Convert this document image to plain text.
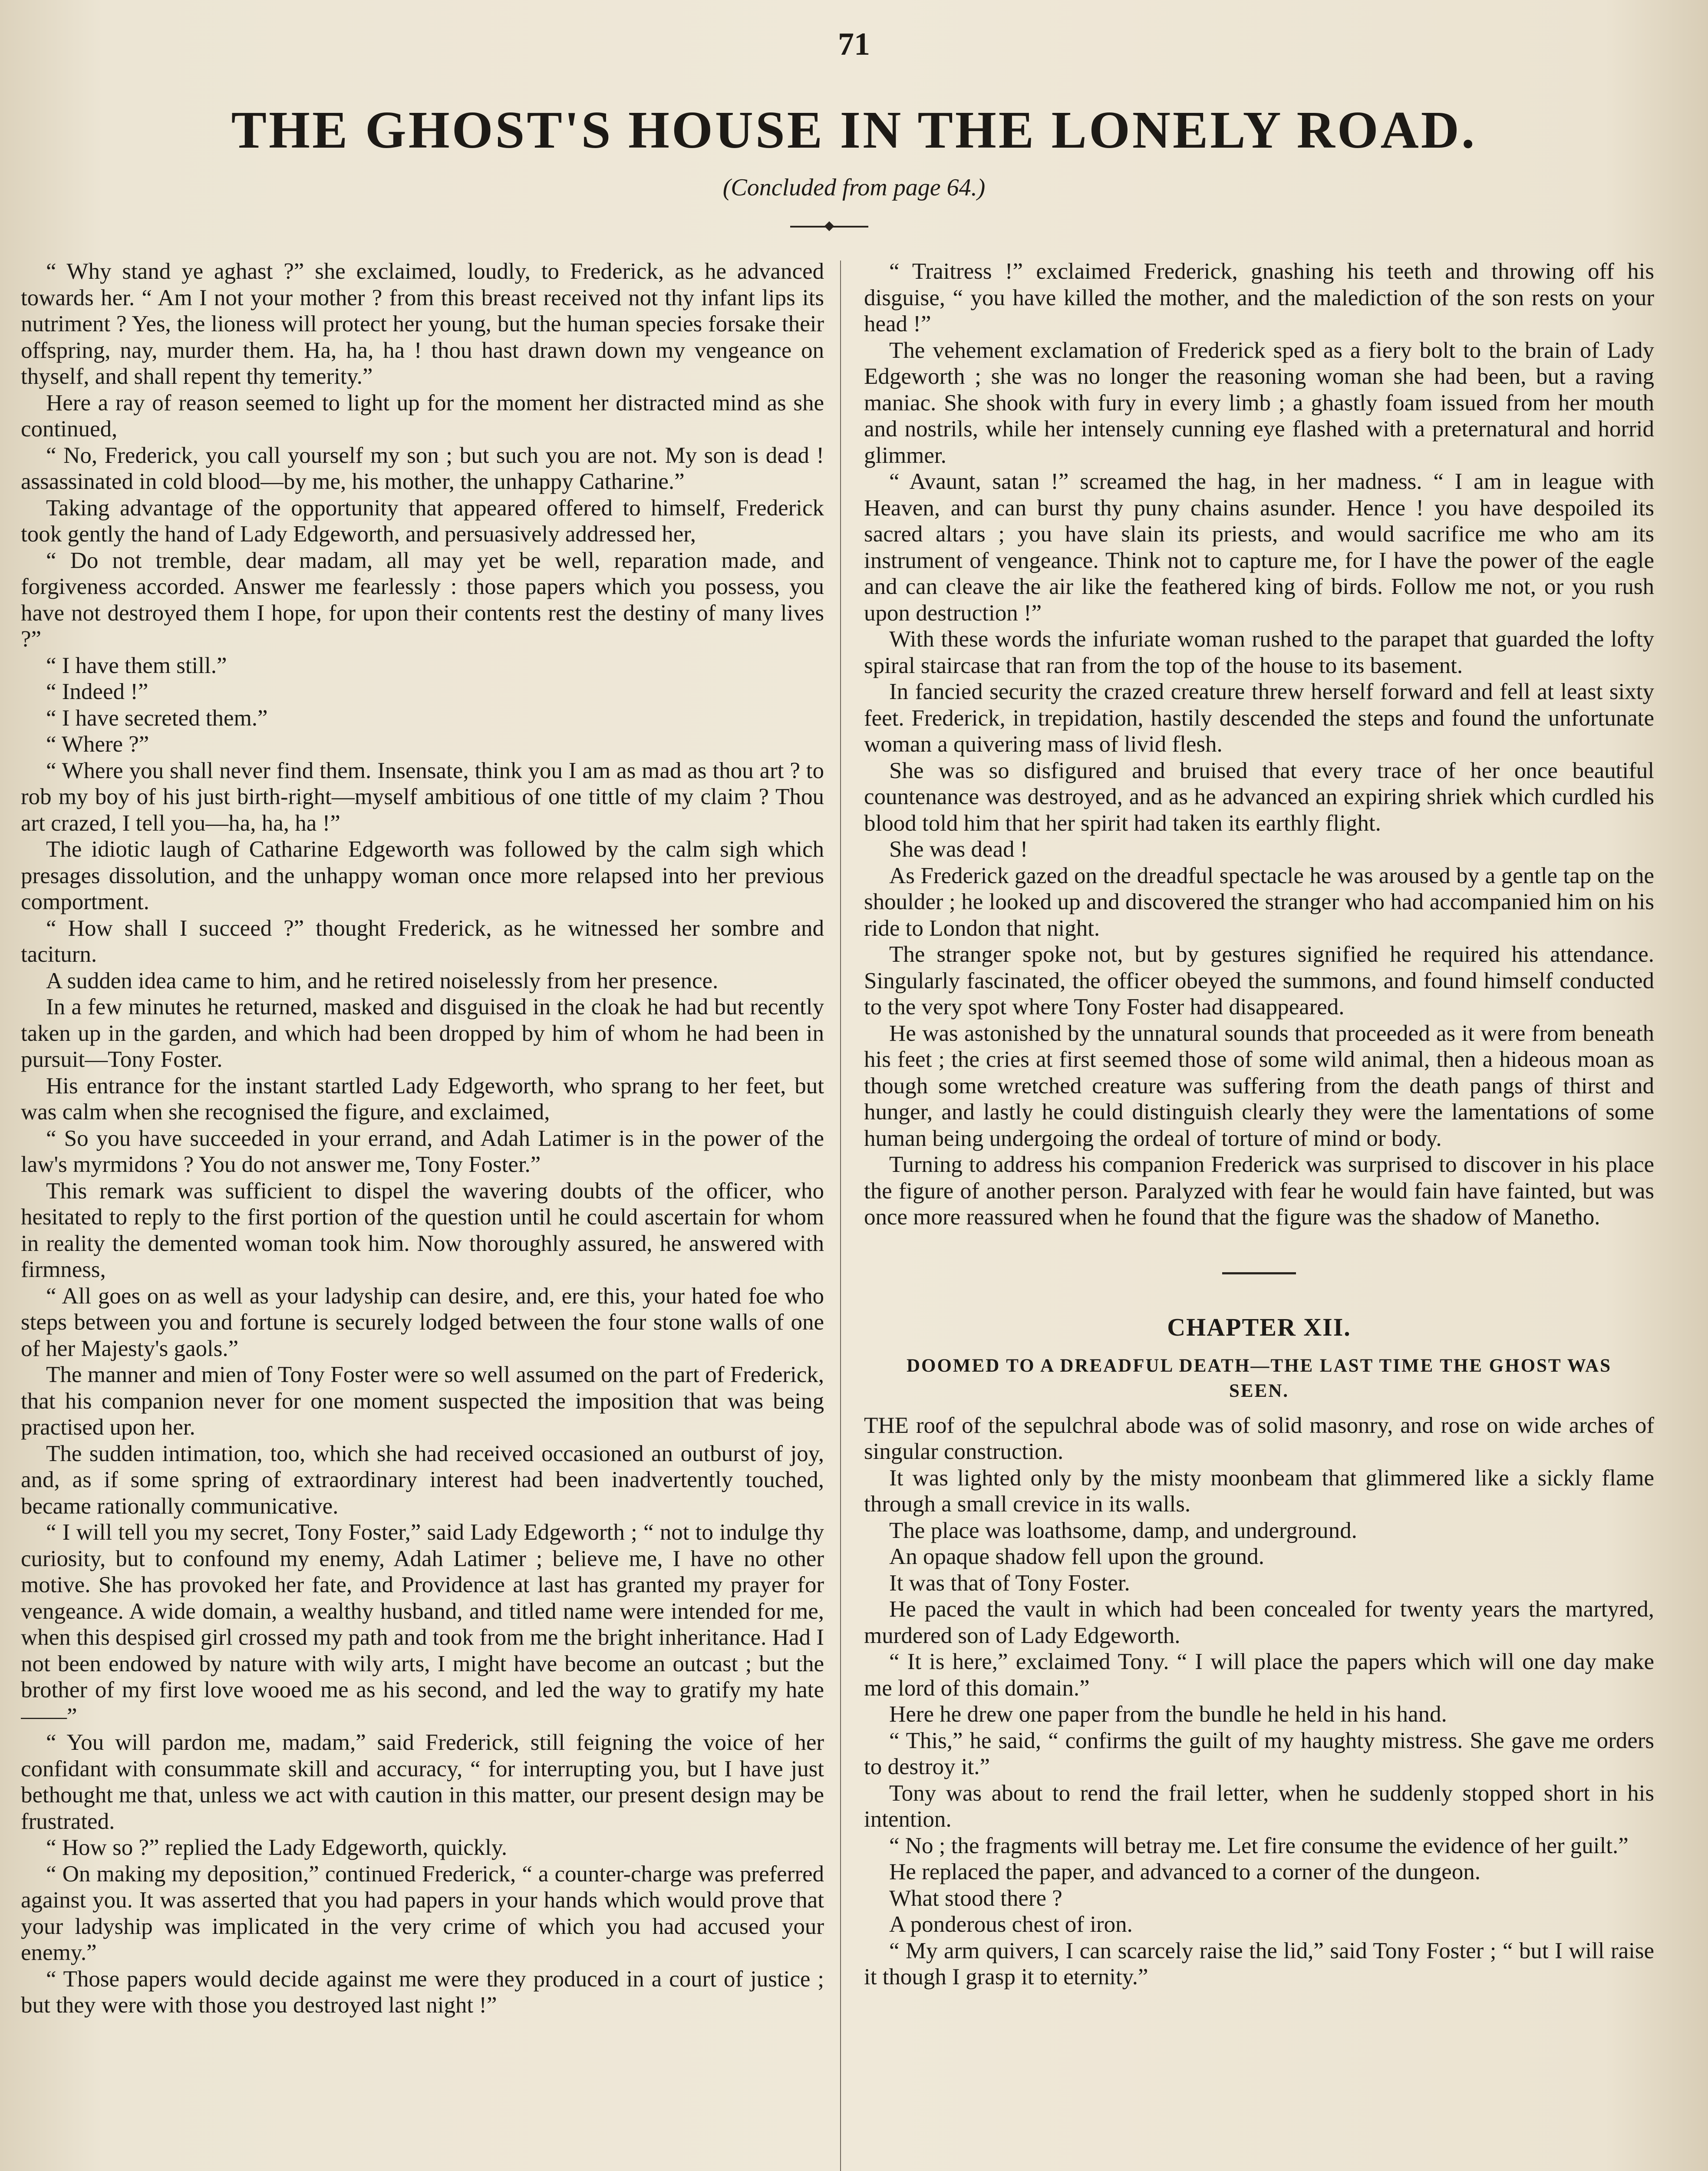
71
THE GHOST'S HOUSE IN THE LONELY ROAD.
(Concluded from page 64.)

“ Why stand ye aghast ?” she exclaimed, loudly, to Frederick, as he advanced towards her. “ Am I not your mother ? from this breast received not thy infant lips its nutriment ? Yes, the lioness will protect her young, but the human species forsake their offspring, nay, murder them. Ha, ha, ha ! thou hast drawn down my vengeance on thyself, and shall repent thy temerity.”

Here a ray of reason seemed to light up for the moment her distracted mind as she continued,

“ No, Frederick, you call yourself my son ; but such you are not. My son is dead ! assassinated in cold blood—by me, his mother, the unhappy Catharine.”

Taking advantage of the opportunity that appeared offered to himself, Frederick took gently the hand of Lady Edgeworth, and persuasively addressed her,

“ Do not tremble, dear madam, all may yet be well, reparation made, and forgiveness accorded. Answer me fearlessly : those papers which you possess, you have not destroyed them I hope, for upon their contents rest the destiny of many lives ?”

“ I have them still.”

“ Indeed !”

“ I have secreted them.”

“ Where ?”

“ Where you shall never find them. Insensate, think you I am as mad as thou art ? to rob my boy of his just birth-right—myself ambitious of one tittle of my claim ? Thou art crazed, I tell you—ha, ha, ha !”

The idiotic laugh of Catharine Edgeworth was followed by the calm sigh which presages dissolution, and the unhappy woman once more relapsed into her previous comportment.

“ How shall I succeed ?” thought Frederick, as he witnessed her sombre and taciturn.

A sudden idea came to him, and he retired noiselessly from her presence.

In a few minutes he returned, masked and disguised in the cloak he had but recently taken up in the garden, and which had been dropped by him of whom he had been in pursuit—Tony Foster.

His entrance for the instant startled Lady Edgeworth, who sprang to her feet, but was calm when she recognised the figure, and exclaimed,

“ So you have succeeded in your errand, and Adah Latimer is in the power of the law's myrmidons ? You do not answer me, Tony Foster.”

This remark was sufficient to dispel the wavering doubts of the officer, who hesitated to reply to the first portion of the question until he could ascertain for whom in reality the demented woman took him. Now thoroughly assured, he answered with firmness,

“ All goes on as well as your ladyship can desire, and, ere this, your hated foe who steps between you and fortune is securely lodged between the four stone walls of one of her Majesty's gaols.”

The manner and mien of Tony Foster were so well assumed on the part of Frederick, that his companion never for one moment suspected the imposition that was being practised upon her.

The sudden intimation, too, which she had received occasioned an outburst of joy, and, as if some spring of extraordinary interest had been inadvertently touched, became rationally communicative.

“ I will tell you my secret, Tony Foster,” said Lady Edgeworth ; “ not to indulge thy curiosity, but to confound my enemy, Adah Latimer ; believe me, I have no other motive. She has provoked her fate, and Providence at last has granted my prayer for vengeance. A wide domain, a wealthy husband, and titled name were intended for me, when this despised girl crossed my path and took from me the bright inheritance. Had I not been endowed by nature with wily arts, I might have become an outcast ; but the brother of my first love wooed me as his second, and led the way to gratify my hate——”

“ You will pardon me, madam,” said Frederick, still feigning the voice of her confidant with consummate skill and accuracy, “ for interrupting you, but I have just bethought me that, unless we act with caution in this matter, our present design may be frustrated.

“ How so ?” replied the Lady Edgeworth, quickly.

“ On making my deposition,” continued Frederick, “ a counter-charge was preferred against you. It was asserted that you had papers in your hands which would prove that your ladyship was implicated in the very crime of which you had accused your enemy.”

“ Those papers would decide against me were they produced in a court of justice ; but they were with those you destroyed last night !”

“ Traitress !” exclaimed Frederick, gnashing his teeth and throwing off his disguise, “ you have killed the mother, and the malediction of the son rests on your head !”

The vehement exclamation of Frederick sped as a fiery bolt to the brain of Lady Edgeworth ; she was no longer the reasoning woman she had been, but a raving maniac. She shook with fury in every limb ; a ghastly foam issued from her mouth and nostrils, while her intensely cunning eye flashed with a preternatural and horrid glimmer.

“ Avaunt, satan !” screamed the hag, in her madness. “ I am in league with Heaven, and can burst thy puny chains asunder. Hence ! you have despoiled its sacred altars ; you have slain its priests, and would sacrifice me who am its instrument of vengeance. Think not to capture me, for I have the power of the eagle and can cleave the air like the feathered king of birds. Follow me not, or you rush upon destruction !”

With these words the infuriate woman rushed to the parapet that guarded the lofty spiral staircase that ran from the top of the house to its basement.

In fancied security the crazed creature threw herself forward and fell at least sixty feet. Frederick, in trepidation, hastily descended the steps and found the unfortunate woman a quivering mass of livid flesh.

She was so disfigured and bruised that every trace of her once beautiful countenance was destroyed, and as he advanced an expiring shriek which curdled his blood told him that her spirit had taken its earthly flight.

She was dead !

As Frederick gazed on the dreadful spectacle he was aroused by a gentle tap on the shoulder ; he looked up and discovered the stranger who had accompanied him on his ride to London that night.

The stranger spoke not, but by gestures signified he required his attendance. Singularly fascinated, the officer obeyed the summons, and found himself conducted to the very spot where Tony Foster had disappeared.

He was astonished by the unnatural sounds that proceeded as it were from beneath his feet ; the cries at first seemed those of some wild animal, then a hideous moan as though some wretched creature was suffering from the death pangs of thirst and hunger, and lastly he could distinguish clearly they were the lamentations of some human being undergoing the ordeal of torture of mind or body.

Turning to address his companion Frederick was surprised to discover in his place the figure of another person. Paralyzed with fear he would fain have fainted, but was once more reassured when he found that the figure was the shadow of Manetho.

CHAPTER XII.
DOOMED TO A DREADFUL DEATH—THE LAST TIME THE GHOST WAS SEEN.

THE roof of the sepulchral abode was of solid masonry, and rose on wide arches of singular construction.

It was lighted only by the misty moonbeam that glimmered like a sickly flame through a small crevice in its walls.

The place was loathsome, damp, and underground.

An opaque shadow fell upon the ground.

It was that of Tony Foster.

He paced the vault in which had been concealed for twenty years the martyred, murdered son of Lady Edgeworth.

“ It is here,” exclaimed Tony. “ I will place the papers which will one day make me lord of this domain.”

Here he drew one paper from the bundle he held in his hand.

“ This,” he said, “ confirms the guilt of my haughty mistress. She gave me orders to destroy it.”

Tony was about to rend the frail letter, when he suddenly stopped short in his intention.

“ No ; the fragments will betray me. Let fire consume the evidence of her guilt.”

He replaced the paper, and advanced to a corner of the dungeon.

What stood there ?

A ponderous chest of iron.

“ My arm quivers, I can scarcely raise the lid,” said Tony Foster ; “ but I will raise it though I grasp it to eternity.”
